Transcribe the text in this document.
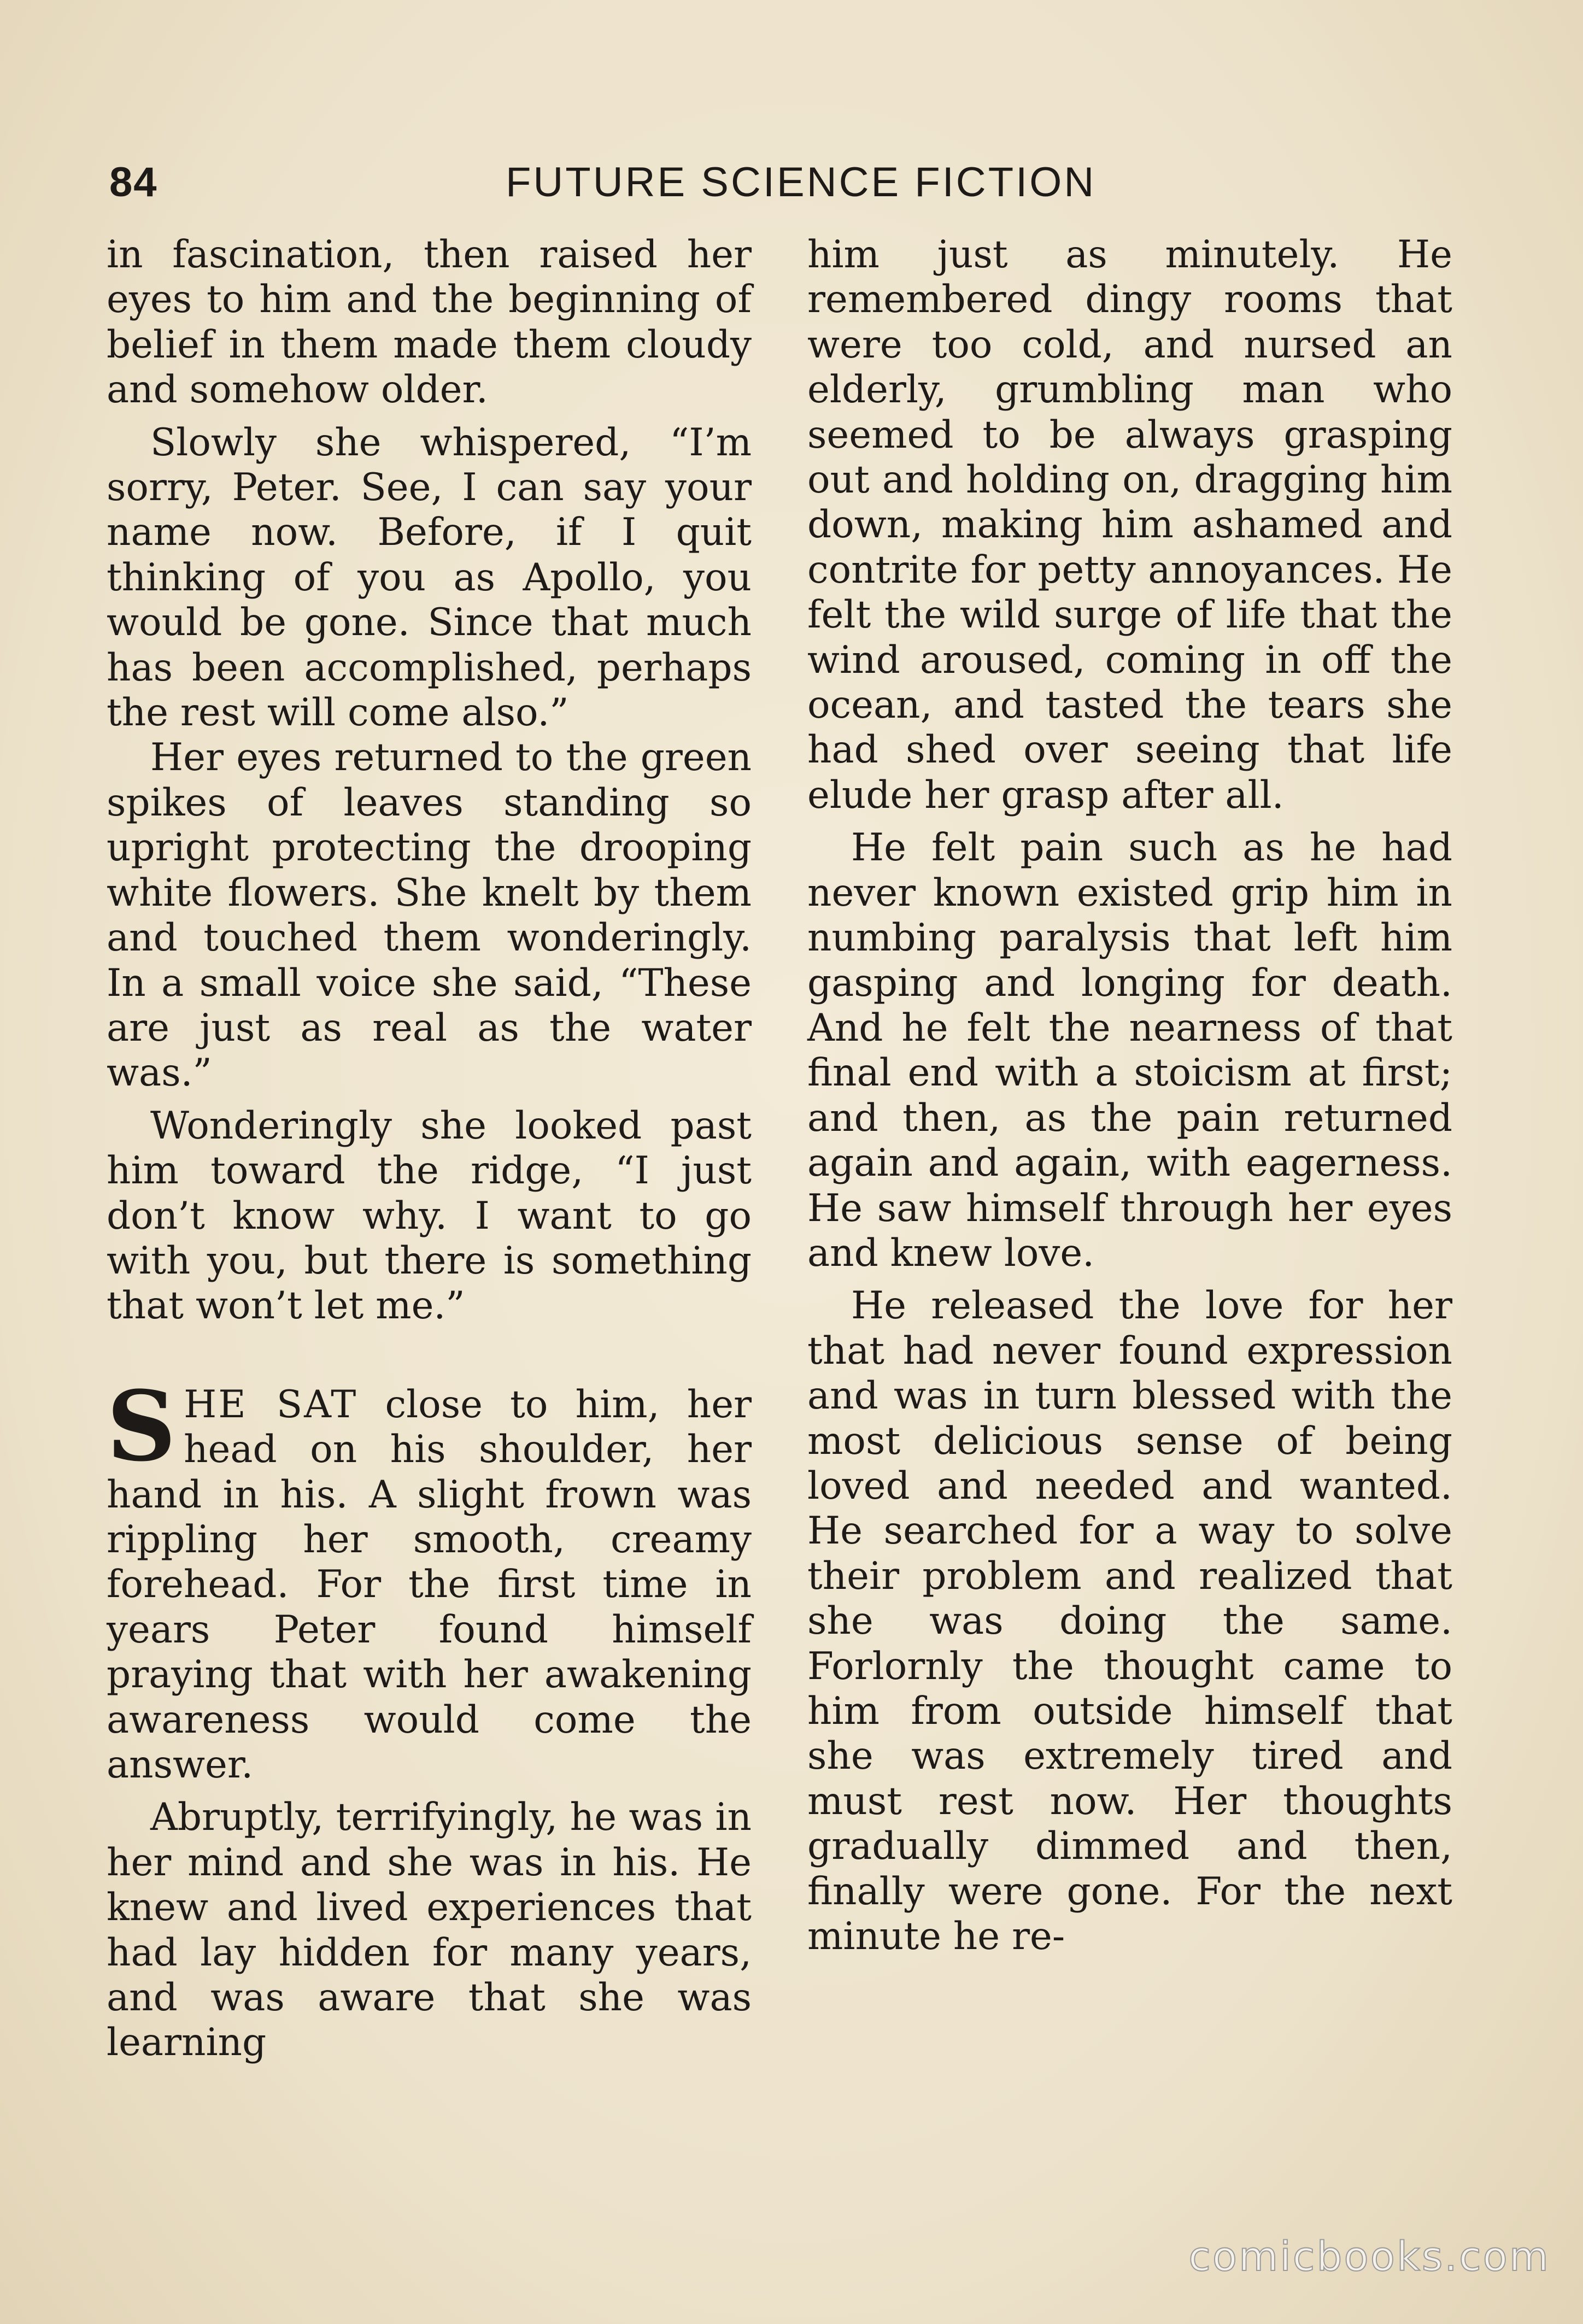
84	FUTURE SCIENCE FICTION

in fascination, then raised her eyes to him and the beginning of belief in them made them cloudy and somehow older.

Slowly she whispered, “I’m sorry, Peter. See, I can say your name now. Before, if I quit thinking of you as Apollo, you would be gone. Since that much has been accomplished, perhaps the rest will come also.”

Her eyes returned to the green spikes of leaves standing so upright protecting the drooping white flowers. She knelt by them and touched them wonderingly. In a small voice she said, “These are just as real as the water was.”

Wonderingly she looked past him toward the ridge, “I just don’t know why. I want to go with you, but there is something that won’t let me.”

SHE SAT close to him, her head on his shoulder, her hand in his. A slight frown was rippling her smooth, creamy forehead. For the first time in years Peter found himself praying that with her awakening awareness would come the answer.

Abruptly, terrifyingly, he was in her mind and she was in his. He knew and lived experiences that had lay hidden for many years, and was aware that she was learning

him just as minutely. He remembered dingy rooms that were too cold, and nursed an elderly, grumbling man who seemed to be always grasping out and holding on, dragging him down, making him ashamed and contrite for petty annoyances. He felt the wild surge of life that the wind aroused, coming in off the ocean, and tasted the tears she had shed over seeing that life elude her grasp after all.

He felt pain such as he had never known existed grip him in numbing paralysis that left him gasping and longing for death. And he felt the nearness of that final end with a stoicism at first; and then, as the pain returned again and again, with eagerness. He saw himself through her eyes and knew love.

He released the love for her that had never found expression and was in turn blessed with the most delicious sense of being loved and needed and wanted. He searched for a way to solve their problem and realized that she was doing the same. Forlornly the thought came to him from outside himself that she was extremely tired and must rest now. Her thoughts gradually dimmed and then, finally were gone. For the next minute he re-

comicbooks.com
